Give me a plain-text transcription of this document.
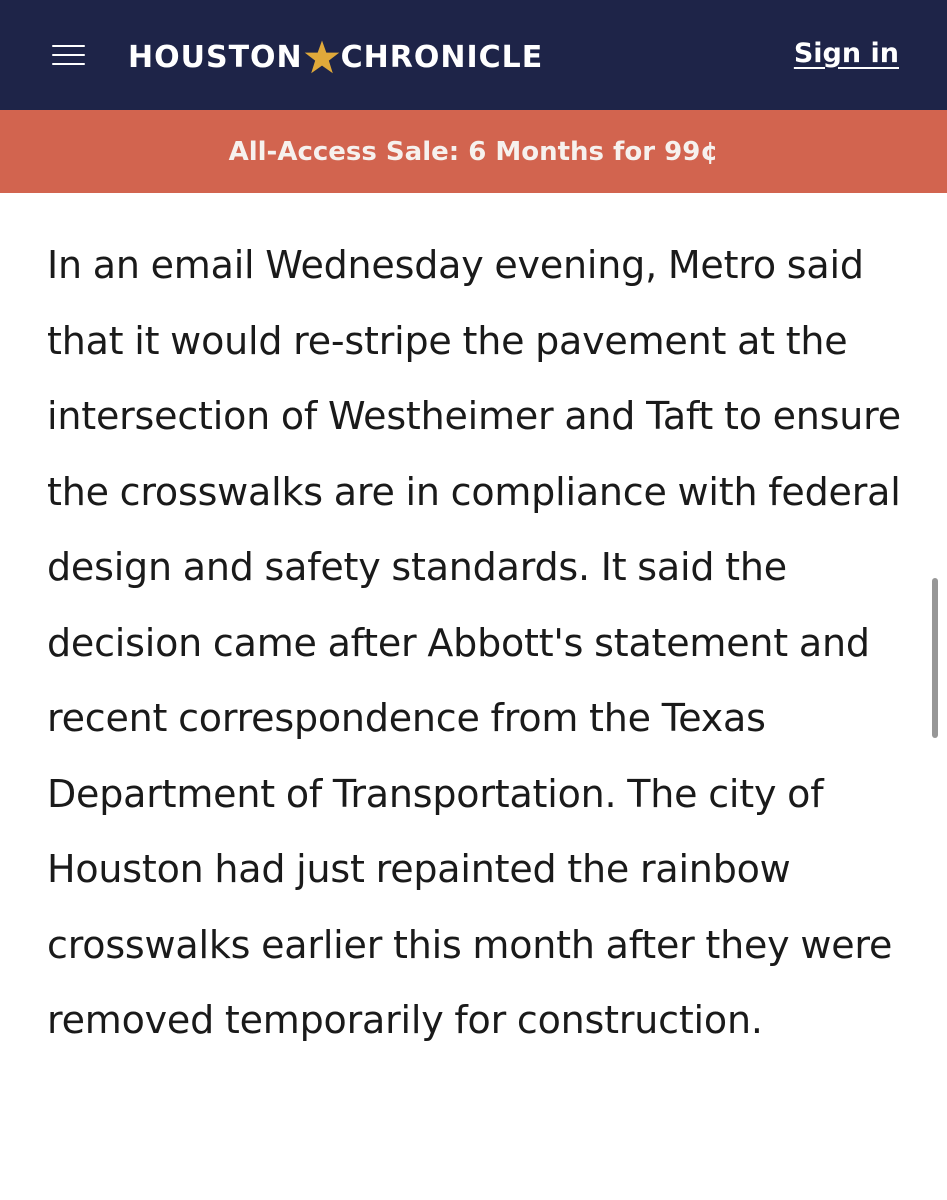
HOUSTON CHRONICLE	Sign in
All-Access Sale: 6 Months for 99¢

In an email Wednesday evening, Metro said that it would re-stripe the pavement at the intersection of Westheimer and Taft to ensure the crosswalks are in compliance with federal design and safety standards. It said the decision came after Abbott's statement and recent correspondence from the Texas Department of Transportation. The city of Houston had just repainted the rainbow crosswalks earlier this month after they were removed temporarily for construction.
